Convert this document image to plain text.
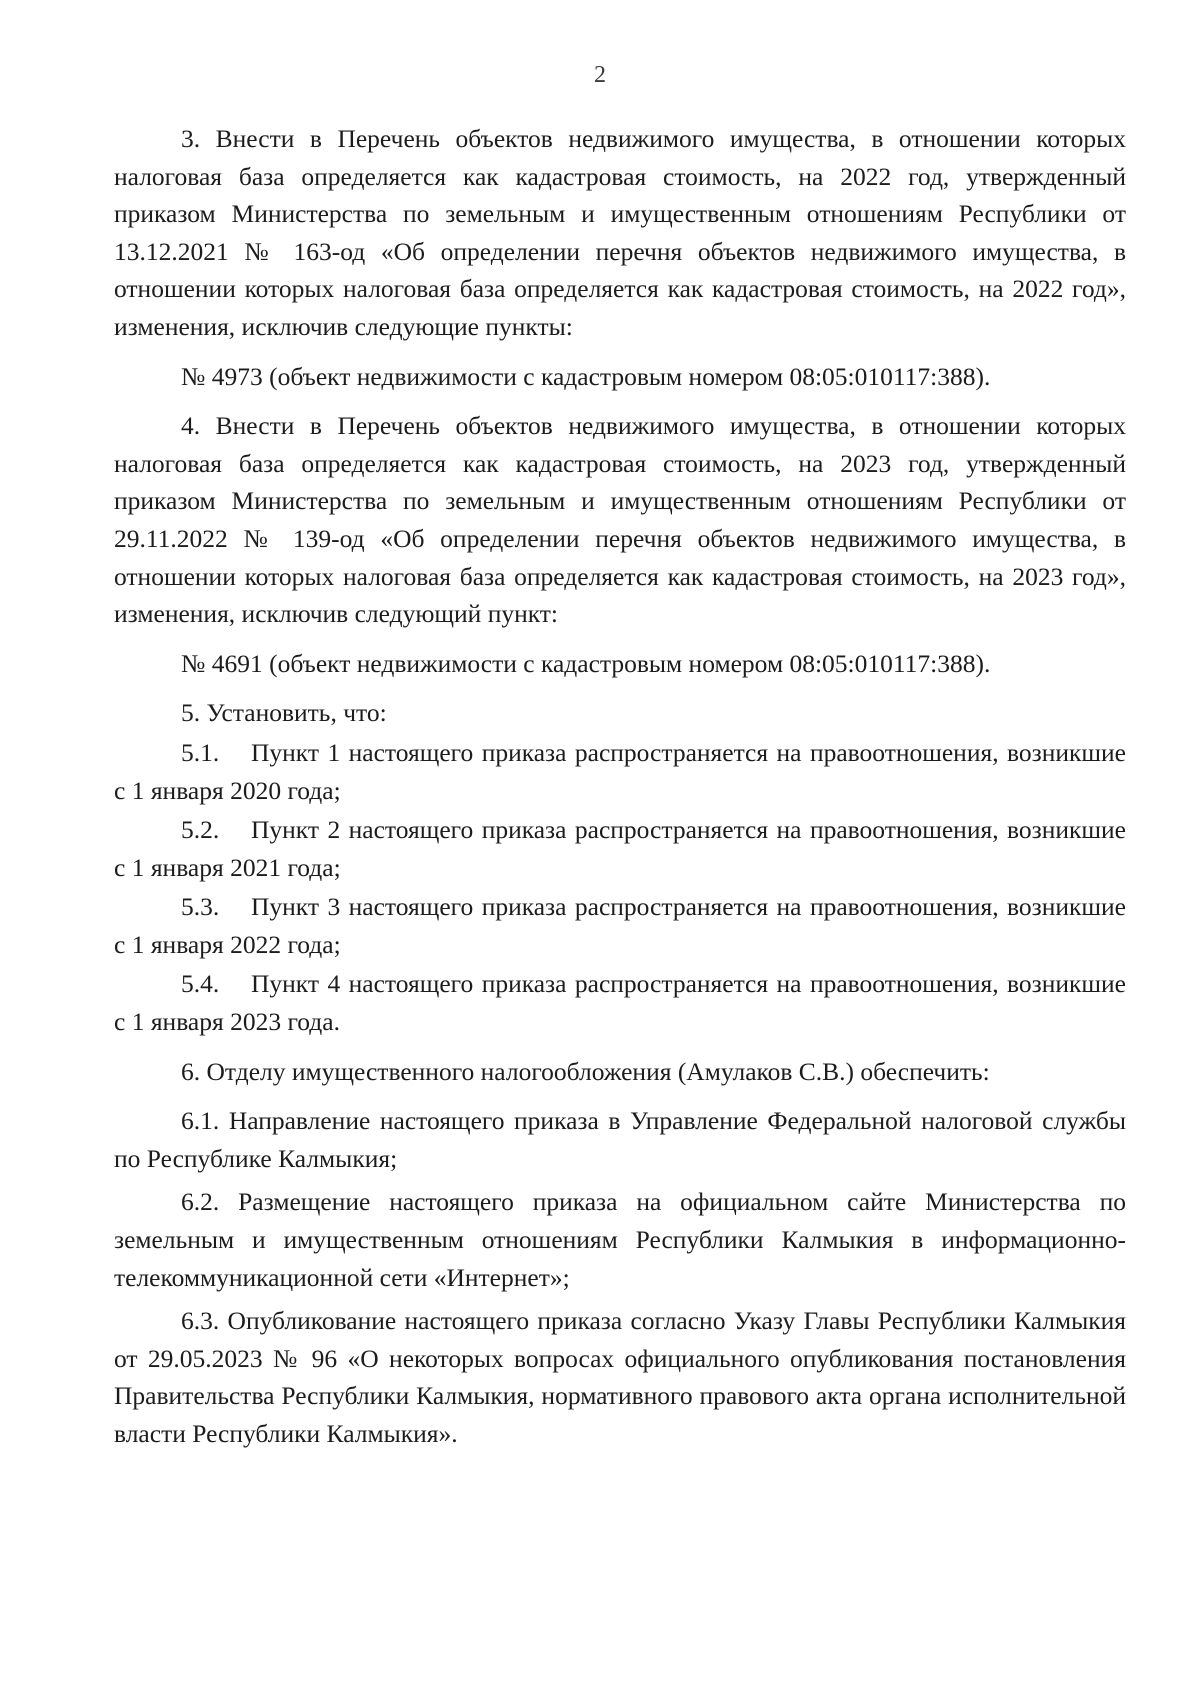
2

3. Внести в Перечень объектов недвижимого имущества, в отношении которых налоговая база определяется как кадастровая стоимость, на 2022 год, утвержденный приказом Министерства по земельным и имущественным отношениям Республики от 13.12.2021 № 163-од «Об определении перечня объектов недвижимого имущества, в отношении которых налоговая база определяется как кадастровая стоимость, на 2022 год», изменения, исключив следующие пункты:

№ 4973 (объект недвижимости с кадастровым номером 08:05:010117:388).

4. Внести в Перечень объектов недвижимого имущества, в отношении которых налоговая база определяется как кадастровая стоимость, на 2023 год, утвержденный приказом Министерства по земельным и имущественным отношениям Республики от 29.11.2022 № 139-од «Об определении перечня объектов недвижимого имущества, в отношении которых налоговая база определяется как кадастровая стоимость, на 2023 год», изменения, исключив следующий пункт:

№ 4691 (объект недвижимости с кадастровым номером 08:05:010117:388).

5. Установить, что:

5.1. Пункт 1 настоящего приказа распространяется на правоотношения, возникшие с 1 января 2020 года;

5.2. Пункт 2 настоящего приказа распространяется на правоотношения, возникшие с 1 января 2021 года;

5.3. Пункт 3 настоящего приказа распространяется на правоотношения, возникшие с 1 января 2022 года;

5.4. Пункт 4 настоящего приказа распространяется на правоотношения, возникшие с 1 января 2023 года.

6. Отделу имущественного налогообложения (Амулаков С.В.) обеспечить:

6.1. Направление настоящего приказа в Управление Федеральной налоговой службы по Республике Калмыкия;

6.2. Размещение настоящего приказа на официальном сайте Министерства по земельным и имущественным отношениям Республики Калмыкия в информационно-телекоммуникационной сети «Интернет»;

6.3. Опубликование настоящего приказа согласно Указу Главы Республики Калмыкия от 29.05.2023 № 96 «О некоторых вопросах официального опубликования постановления Правительства Республики Калмыкия, нормативного правового акта органа исполнительной власти Республики Калмыкия».
